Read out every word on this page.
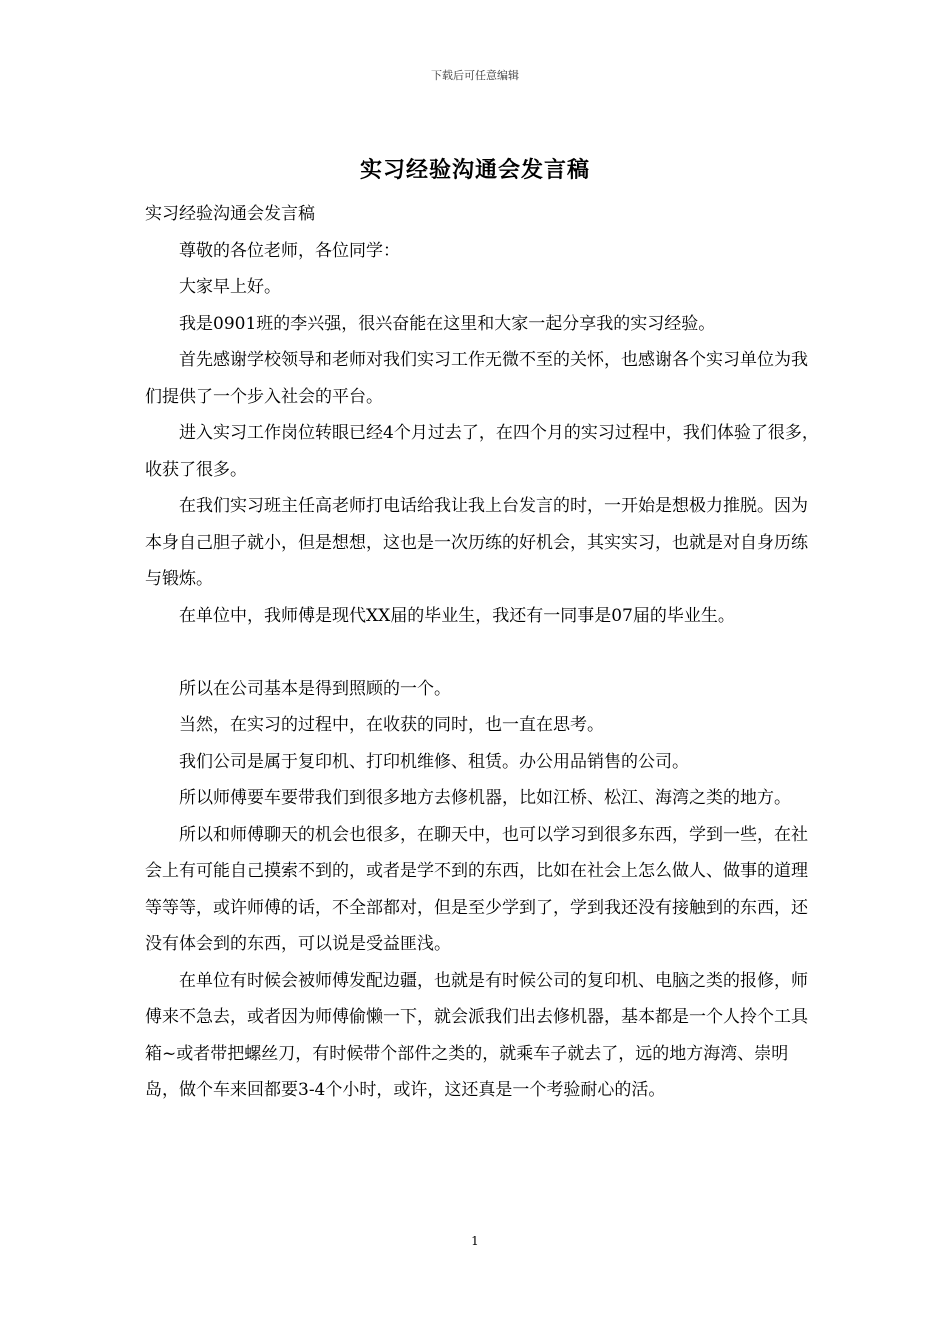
下载后可任意编辑
实习经验沟通会发言稿

实习经验沟通会发言稿

尊敬的各位老师，各位同学：

大家早上好。

我是0901班的李兴强，很兴奋能在这里和大家一起分享我的实习经验。

首先感谢学校领导和老师对我们实习工作无微不至的关怀，也感谢各个实习单位为我们提供了一个步入社会的平台。

进入实习工作岗位转眼已经4个月过去了，在四个月的实习过程中，我们体验了很多，收获了很多。

在我们实习班主任高老师打电话给我让我上台发言的时，一开始是想极力推脱。因为本身自己胆子就小，但是想想，这也是一次历练的好机会，其实实习，也就是对自身历练与锻炼。

在单位中，我师傅是现代XX届的毕业生，我还有一同事是07届的毕业生。

所以在公司基本是得到照顾的一个。

当然，在实习的过程中，在收获的同时，也一直在思考。

我们公司是属于复印机、打印机维修、租赁。办公用品销售的公司。

所以师傅要车要带我们到很多地方去修机器，比如江桥、松江、海湾之类的地方。

所以和师傅聊天的机会也很多，在聊天中，也可以学习到很多东西，学到一些，在社会上有可能自己摸索不到的，或者是学不到的东西，比如在社会上怎么做人、做事的道理等等等，或许师傅的话，不全部都对，但是至少学到了，学到我还没有接触到的东西，还没有体会到的东西，可以说是受益匪浅。

在单位有时候会被师傅发配边疆，也就是有时候公司的复印机、电脑之类的报修，师傅来不急去，或者因为师傅偷懒一下，就会派我们出去修机器，基本都是一个人拎个工具箱~或者带把螺丝刀，有时候带个部件之类的，就乘车子就去了，远的地方海湾、崇明岛，做个车来回都要3-4个小时，或许，这还真是一个考验耐心的活。

1
